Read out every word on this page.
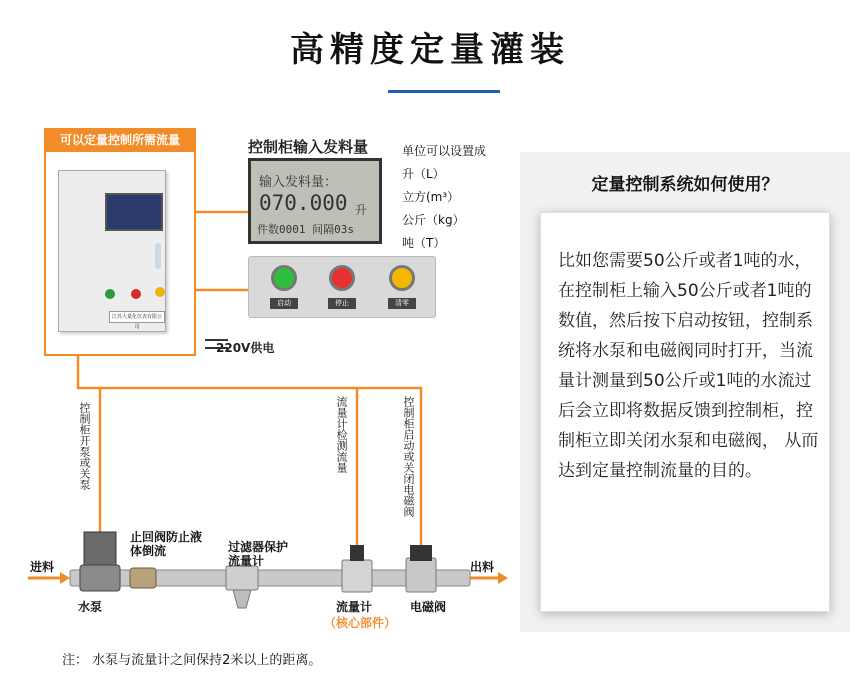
高精度定量灌装
定量控制系统如何使用？
比如您需要50公斤或者1吨的水，在控制柜上输入50公斤或者1吨的数值，然后按下启动按钮，控制系统将水泵和电磁阀同时打开，当流量计测量到50公斤或1吨的水流过后会立即将数据反馈到控制柜，控制柜立即关闭水泵和电磁阀， 从而达到定量控制流量的目的。
可以定量控制所需流量
江苏大量化仪表有限公司
控制柜输入发料量
输入发料量：
070.000 升
件数0001 间隔03s
单位可以设置成
升（L）
立方(m³）
公斤（kg）
吨（T）
启动	停止	清零
220V供电
控制柜开泵或关泵	流量计检测流量	控制柜启动或关闭电磁阀
进料	出料
水泵
止回阀防止液体倒流	过滤器保护流量计
流量计
（核心部件）
电磁阀
注： 水泵与流量计之间保持2米以上的距离。
